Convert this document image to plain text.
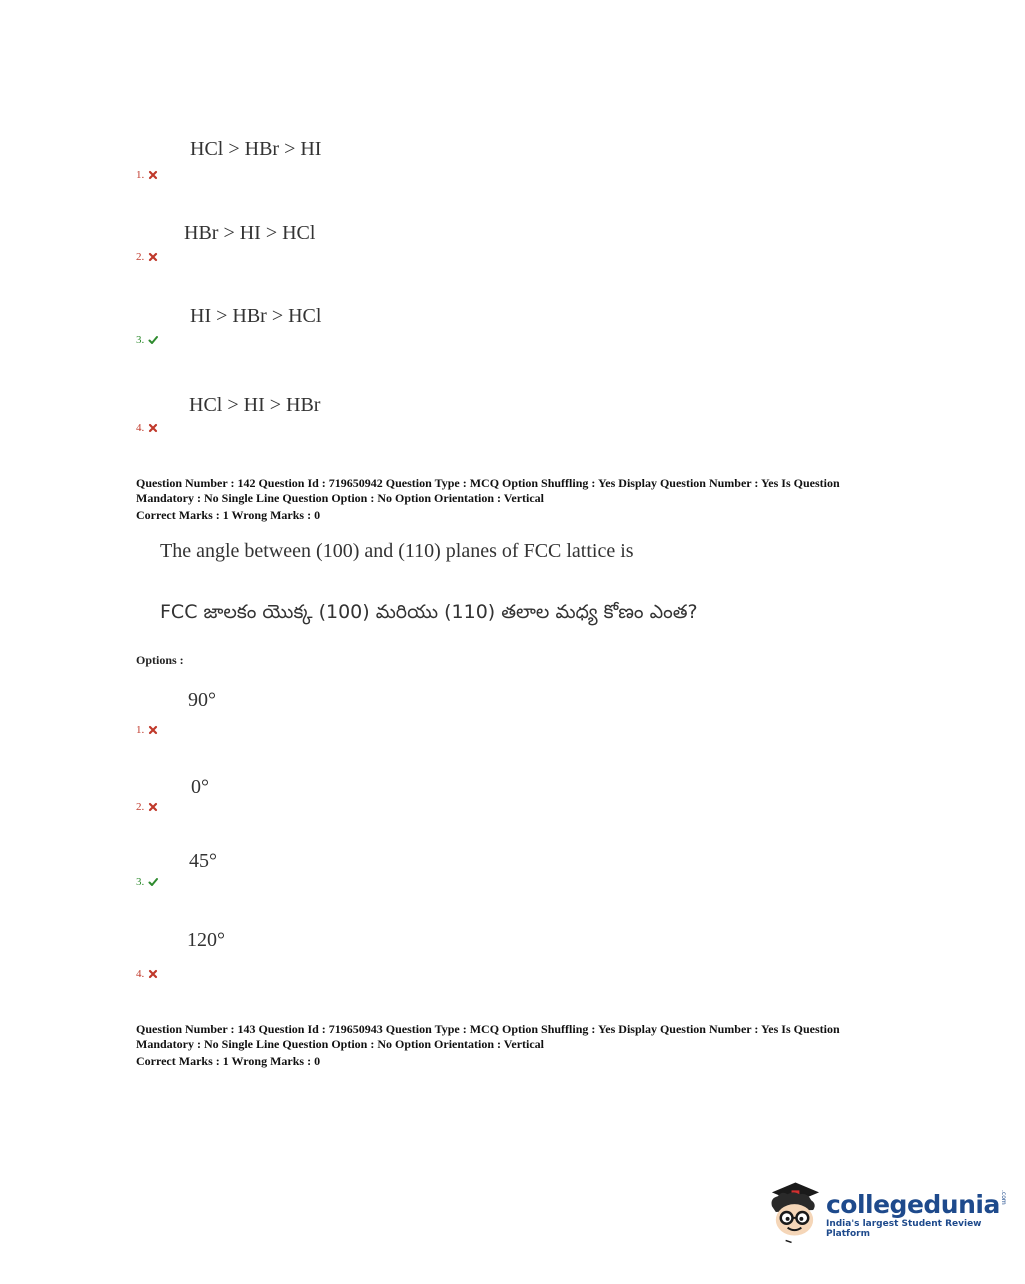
HCl > HBr > HI
1.
HBr > HI > HCl
2.
HI > HBr > HCl
3.
HCl > HI > HBr
4.
Question Number : 142 Question Id : 719650942 Question Type : MCQ Option Shuffling : Yes Display Question Number : Yes Is Question
Mandatory : No Single Line Question Option : No Option Orientation : Vertical
Correct Marks : 1 Wrong Marks : 0
The angle between (100) and (110) planes of FCC lattice is
FCC జాలకం యొక్క (100) మరియు (110) తలాల మధ్య కోణం ఎంత?
Options :
90°
1.
0°
2.
45°
3.
120°
4.
Question Number : 143 Question Id : 719650943 Question Type : MCQ Option Shuffling : Yes Display Question Number : Yes Is Question
Mandatory : No Single Line Question Option : No Option Orientation : Vertical
Correct Marks : 1 Wrong Marks : 0
collegedunia .com
India's largest Student Review Platform
